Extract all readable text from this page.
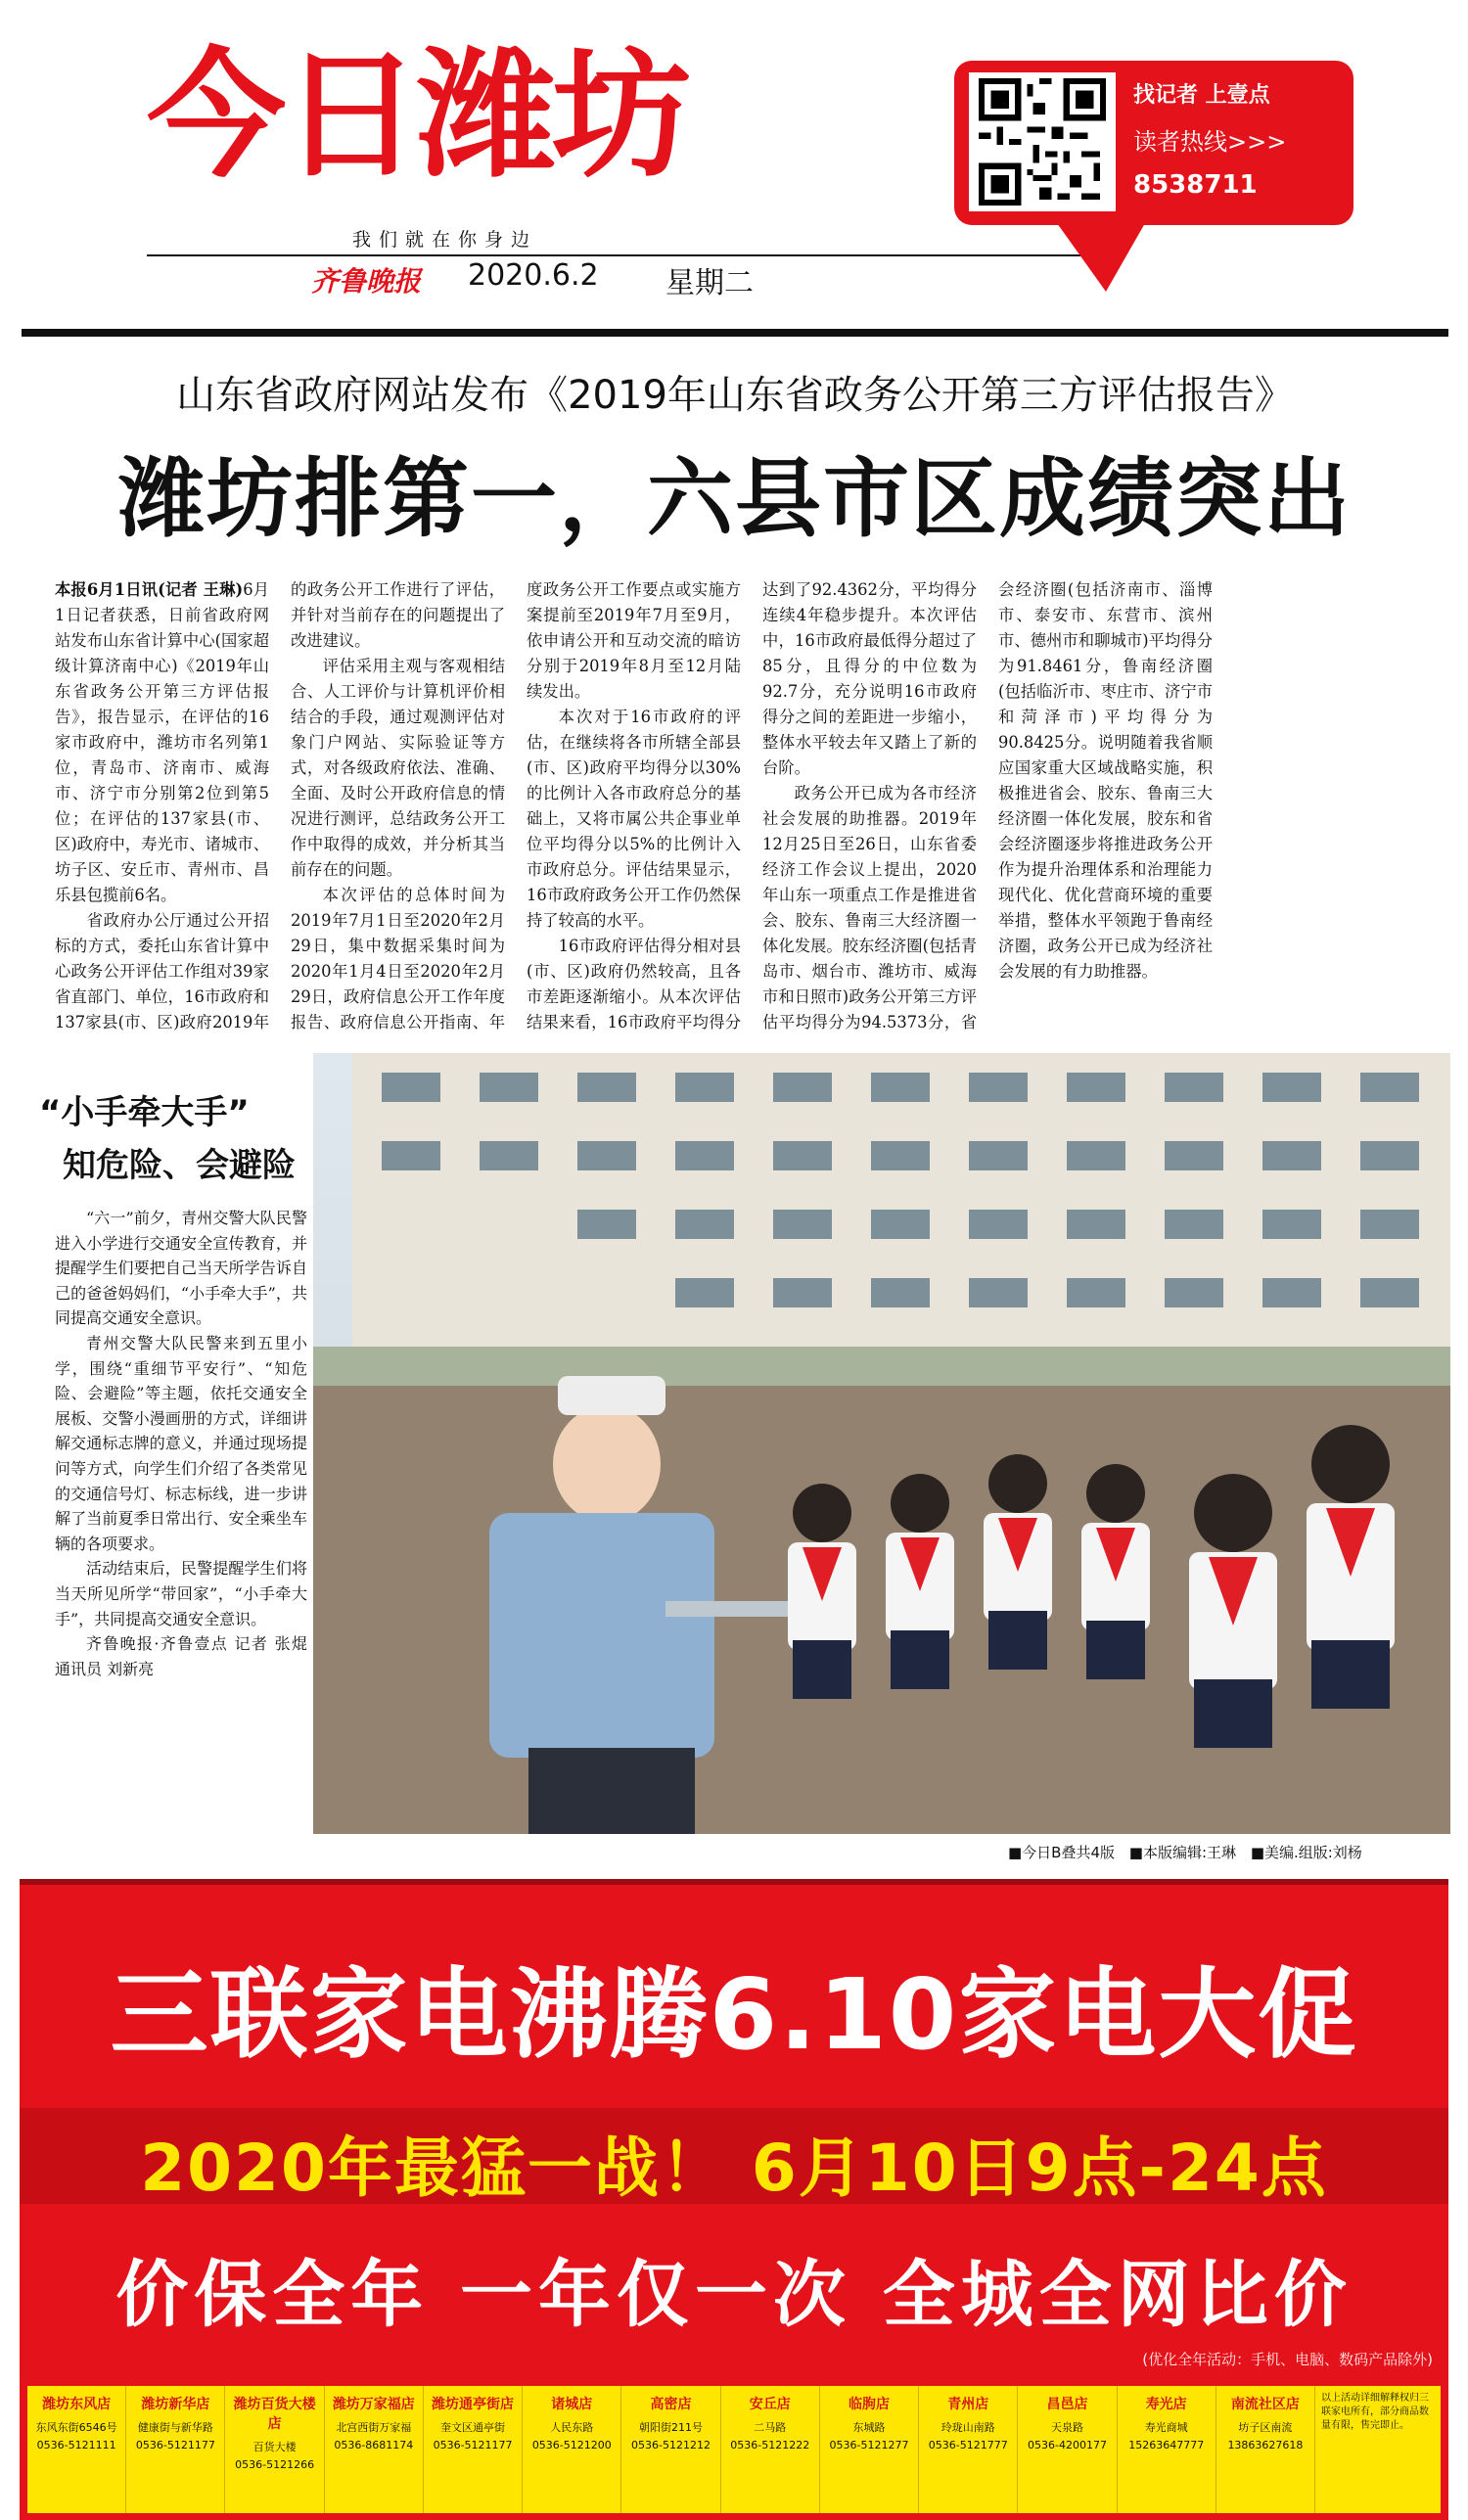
今日潍坊
我们就在你身边
齐鲁晚报 2020.6.2 星期二
找记者 上壹点
读者热线>>>
8538711
山东省政府网站发布《2019年山东省政务公开第三方评估报告》
潍坊排第一，六县市区成绩突出

本报6月1日讯(记者 王琳)6月1日记者获悉，日前省政府网站发布山东省计算中心(国家超级计算济南中心)《2019年山东省政务公开第三方评估报告》，报告显示，在评估的16家市政府中，潍坊市名列第1位，青岛市、济南市、威海市、济宁市分别第2位到第5位；在评估的137家县(市、区)政府中，寿光市、诸城市、坊子区、安丘市、青州市、昌乐县包揽前6名。

省政府办公厅通过公开招标的方式，委托山东省计算中心政务公开评估工作组对39家省直部门、单位，16市政府和137家县(市、区)政府2019年的政务公开工作进行了评估，并针对当前存在的问题提出了改进建议。

评估采用主观与客观相结合、人工评价与计算机评价相结合的手段，通过观测评估对象门户网站、实际验证等方式，对各级政府依法、准确、全面、及时公开政府信息的情况进行测评，总结政务公开工作中取得的成效，并分析其当前存在的问题。

本次评估的总体时间为2019年7月1日至2020年2月29日，集中数据采集时间为2020年1月4日至2020年2月29日，政府信息公开工作年度报告、政府信息公开指南、年度政务公开工作要点或实施方案提前至2019年7月至9月，依申请公开和互动交流的暗访分别于2019年8月至12月陆续发出。

本次对于16市政府的评估，在继续将各市所辖全部县(市、区)政府平均得分以30%的比例计入各市政府总分的基础上，又将市属公共企事业单位平均得分以5%的比例计入市政府总分。评估结果显示，16市政府政务公开工作仍然保持了较高的水平。

16市政府评估得分相对县(市、区)政府仍然较高，且各市差距逐渐缩小。从本次评估结果来看，16市政府平均得分达到了92.4362分，平均得分连续4年稳步提升。本次评估中，16市政府最低得分超过了85分，且得分的中位数为92.7分，充分说明16市政府得分之间的差距进一步缩小，整体水平较去年又踏上了新的台阶。

政务公开已成为各市经济社会发展的助推器。2019年12月25日至26日，山东省委经济工作会议上提出，2020年山东一项重点工作是推进省会、胶东、鲁南三大经济圈一体化发展。胶东经济圈(包括青岛市、烟台市、潍坊市、威海市和日照市)政务公开第三方评估平均得分为94.5373分，省会经济圈(包括济南市、淄博市、泰安市、东营市、滨州市、德州市和聊城市)平均得分为91.8461分，鲁南经济圈(包括临沂市、枣庄市、济宁市和菏泽市)平均得分为90.8425分。说明随着我省顺应国家重大区域战略实施，积极推进省会、胶东、鲁南三大经济圈一体化发展，胶东和省会经济圈逐步将推进政务公开作为提升治理体系和治理能力现代化、优化营商环境的重要举措，整体水平领跑于鲁南经济圈，政务公开已成为经济社会发展的有力助推器。

“小手牵大手”
知危险、会避险

“六一”前夕，青州交警大队民警进入小学进行交通安全宣传教育，并提醒学生们要把自己当天所学告诉自己的爸爸妈妈们，“小手牵大手”，共同提高交通安全意识。

青州交警大队民警来到五里小学，围绕“重细节平安行”、“知危险、会避险”等主题，依托交通安全展板、交警小漫画册的方式，详细讲解交通标志牌的意义，并通过现场提问等方式，向学生们介绍了各类常见的交通信号灯、标志标线，进一步讲解了当前夏季日常出行、安全乘坐车辆的各项要求。

活动结束后，民警提醒学生们将当天所见所学“带回家”，“小手牵大手”，共同提高交通安全意识。

齐鲁晚报·齐鲁壹点 记者 张焜 通讯员 刘新亮

■今日B叠共4版 ■本版编辑:王琳 ■美编.组版:刘杨
三联家电沸腾6.10家电大促
2020年最猛一战！ 6月10日9点-24点
价保全年 一年仅一次 全城全网比价
(优化全年活动：手机、电脑、数码产品除外)
潍坊东风店
东风东街6546号
0536-5121111
潍坊新华店
健康街与新华路
0536-5121177
潍坊百货大楼店
百货大楼
0536-5121266
潍坊万家福店
北宫西街万家福
0536-8681174
潍坊通亭街店
奎文区通亭街
0536-5121177
诸城店
人民东路
0536-5121200
高密店
朝阳街211号
0536-5121212
安丘店
二马路
0536-5121222
临朐店
东城路
0536-5121277
青州店
玲珑山南路
0536-5121777
昌邑店
天泉路
0536-4200177
寿光店
寿光商城
15263647777
南流社区店
坊子区南流
13863627618
以上活动详细解释权归三联家电所有，部分商品数量有限，售完即止。
